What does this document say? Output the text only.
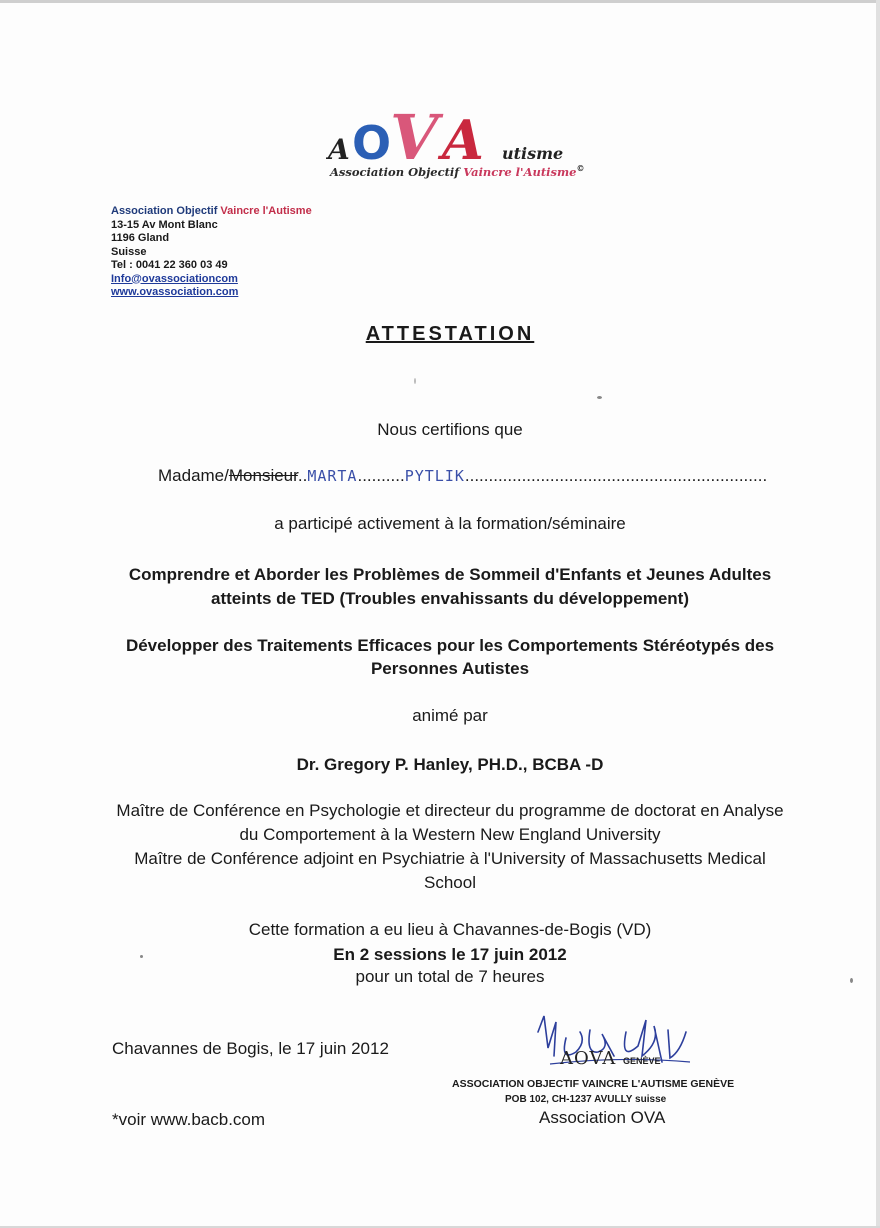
A O
V A utisme
Association Objectif Vaincre l'Autisme©
Association Objectif Vaincre l'Autisme
13-15 Av Mont Blanc
1196 Gland
Suisse
Tel : 0041 22 360 03 49
Info@ovassociationcom
www.ovassociation.com
ATTESTATION
Nous certifions que
Madame/Monsieur..MARTA..........PYTLIK................................................................
a participé activement à la formation/séminaire
Comprendre et Aborder les Problèmes de Sommeil d'Enfants et Jeunes Adultes
atteints de TED (Troubles envahissants du développement)
Développer des Traitements Efficaces pour les Comportements Stéréotypés des
Personnes Autistes
animé par
Dr. Gregory P. Hanley, PH.D., BCBA -D
Maître de Conférence en Psychologie et directeur du programme de doctorat en Analyse
du Comportement à la Western New England University
Maître de Conférence adjoint en Psychiatrie à l'University of Massachusetts Medical
School
Cette formation a eu lieu à Chavannes-de-Bogis (VD)
En 2 sessions le 17 juin 2012
pour un total de 7 heures
Chavannes de Bogis, le 17 juin 2012	AOVA GENÈVE
ASSOCIATION OBJECTIF VAINCRE L'AUTISME GENÈVE
POB 102, CH-1237 AVULLY suisse
Association OVA
*voir www.bacb.com
